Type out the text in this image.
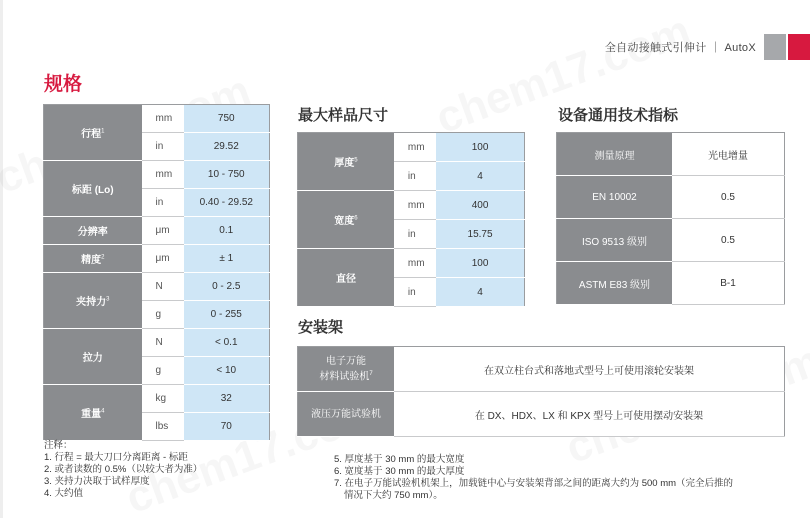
全自动接触式引伸计 ｜ AutoX
规格
行程$^1$	mm	750
	in	29.52
标距 (Lo)	mm	10 - 750
	in	0.40 - 29.52
分辨率	μm	0.1
精度$^2$	μm	± 1
夹持力$^3$	N	0 - 2.5
	g	0 - 255
拉力	N	< 0.1
	g	< 10
重量$^4$	kg	32
	lbs	70
最大样品尺寸
厚度$^5$	mm	100
	in	4
宽度$^6$	mm	400
	in	15.75
直径	mm	100
	in	4
设备通用技术指标
测量原理	光电增量
EN 10002	0.5
ISO 9513 级别	0.5
ASTM E83 级别	B-1
安装架
电子万能
材料试验机$^7$	在双立柱台式和落地式型号上可使用滚轮安装架
液压万能试验机	在 DX、HDX、LX 和 KPX 型号上可使用摆动安装架
注释：
1. 行程 = 最大刀口分离距离 - 标距
2. 或者读数的 0.5%（以较大者为准）
3. 夹持力决取于试样厚度
4. 大约值
5. 厚度基于 30 mm 的最大宽度
6. 宽度基于 30 mm 的最大厚度
7. 在电子万能试验机机架上，加载链中心与安装架背部之间的距离大约为 500 mm（完全后推的
情况下大约 750 mm）。
